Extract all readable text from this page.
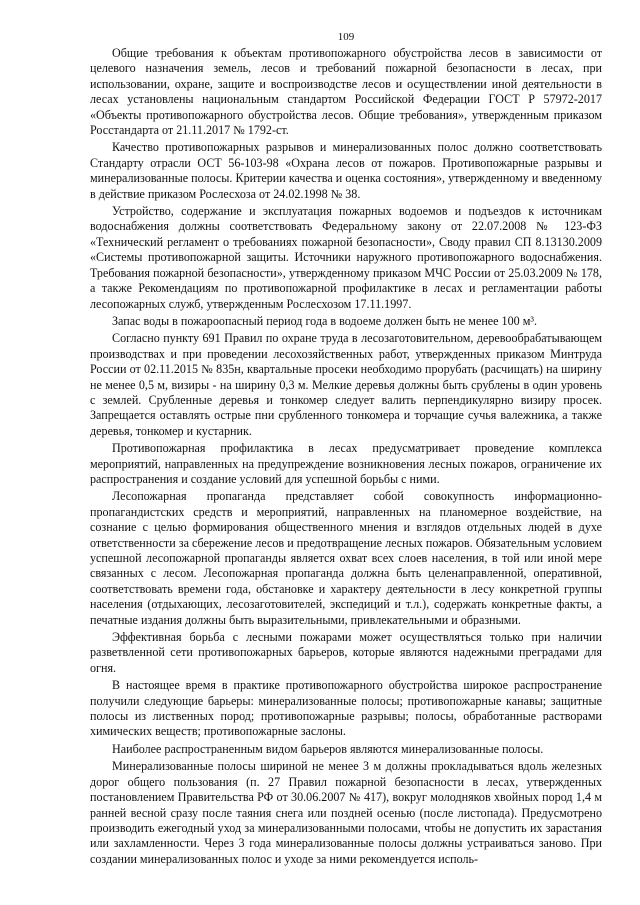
109

Общие требования к объектам противопожарного обустройства лесов в зависимости от целевого назначения земель, лесов и требований пожарной безопасности в лесах, при использовании, охране, защите и воспроизводстве лесов и осуществлении иной деятельности в лесах установлены национальным стандартом Российской Федерации ГОСТ Р 57972-2017 «Объекты противопожарного обустройства лесов. Общие требования», утвержденным приказом Росстандарта от 21.11.2017 № 1792-ст.

Качество противопожарных разрывов и минерализованных полос должно соответствовать Стандарту отрасли ОСТ 56-103-98 «Охрана лесов от пожаров. Противопожарные разрывы и минерализованные полосы. Критерии качества и оценка состояния», утвержденному и введенному в действие приказом Рослесхоза от 24.02.1998 № 38.

Устройство, содержание и эксплуатация пожарных водоемов и подъездов к источникам водоснабжения должны соответствовать Федеральному закону от 22.07.2008 № 123-ФЗ «Технический регламент о требованиях пожарной безопасности», Своду правил СП 8.13130.2009 «Системы противопожарной защиты. Источники наружного противопожарного водоснабжения. Требования пожарной безопасности», утвержденному приказом МЧС России от 25.03.2009 № 178, а также Рекомендациям по противопожарной профилактике в лесах и регламентации работы лесопожарных служб, утвержденным Рослесхозом 17.11.1997.

Запас воды в пожароопасный период года в водоеме должен быть не менее 100 м³.

Согласно пункту 691 Правил по охране труда в лесозаготовительном, деревообрабатывающем производствах и при проведении лесохозяйственных работ, утвержденных приказом Минтруда России от 02.11.2015 № 835н, квартальные просеки необходимо прорубать (расчищать) на ширину не менее 0,5 м, визиры - на ширину 0,3 м. Мелкие деревья должны быть срублены в один уровень с землей. Срубленные деревья и тонкомер следует валить перпендикулярно визиру просек. Запрещается оставлять острые пни срубленного тонкомера и торчащие сучья валежника, а также деревья, тонкомер и кустарник.

Противопожарная профилактика в лесах предусматривает проведение комплекса мероприятий, направленных на предупреждение возникновения лесных пожаров, ограничение их распространения и создание условий для успешной борьбы с ними.

Лесопожарная пропаганда представляет собой совокупность информационно-пропагандистских средств и мероприятий, направленных на планомерное воздействие, на сознание с целью формирования общественного мнения и взглядов отдельных людей в духе ответственности за сбережение лесов и предотвращение лесных пожаров. Обязательным условием успешной лесопожарной пропаганды является охват всех слоев населения, в той или иной мере связанных с лесом. Лесопожарная пропаганда должна быть целенаправленной, оперативной, соответствовать времени года, обстановке и характеру деятельности в лесу конкретной группы населения (отдыхающих, лесозаготовителей, экспедиций и т.л.), содержать конкретные факты, а печатные издания должны быть выразительными, привлекательными и образными.

Эффективная борьба с лесными пожарами может осуществляться только при наличии разветвленной сети противопожарных барьеров, которые являются надежными преградами для огня.

В настоящее время в практике противопожарного обустройства широкое распространение получили следующие барьеры: минерализованные полосы; противопожарные канавы; защитные полосы из лиственных пород; противопожарные разрывы; полосы, обработанные растворами химических веществ; противопожарные заслоны.

Наиболее распространенным видом барьеров являются минерализованные полосы.

Минерализованные полосы шириной не менее 3 м должны прокладываться вдоль железных дорог общего пользования (п. 27 Правил пожарной безопасности в лесах, утвержденных постановлением Правительства РФ от 30.06.2007 № 417), вокруг молодняков хвойных пород 1,4 м ранней весной сразу после таяния снега или поздней осенью (после листопада). Предусмотрено производить ежегодный уход за минерализованными полосами, чтобы не допустить их зарастания или захламленности. Через 3 года минерализованные полосы должны устраиваться заново. При создании минерализованных полос и уходе за ними рекомендуется исполь-
